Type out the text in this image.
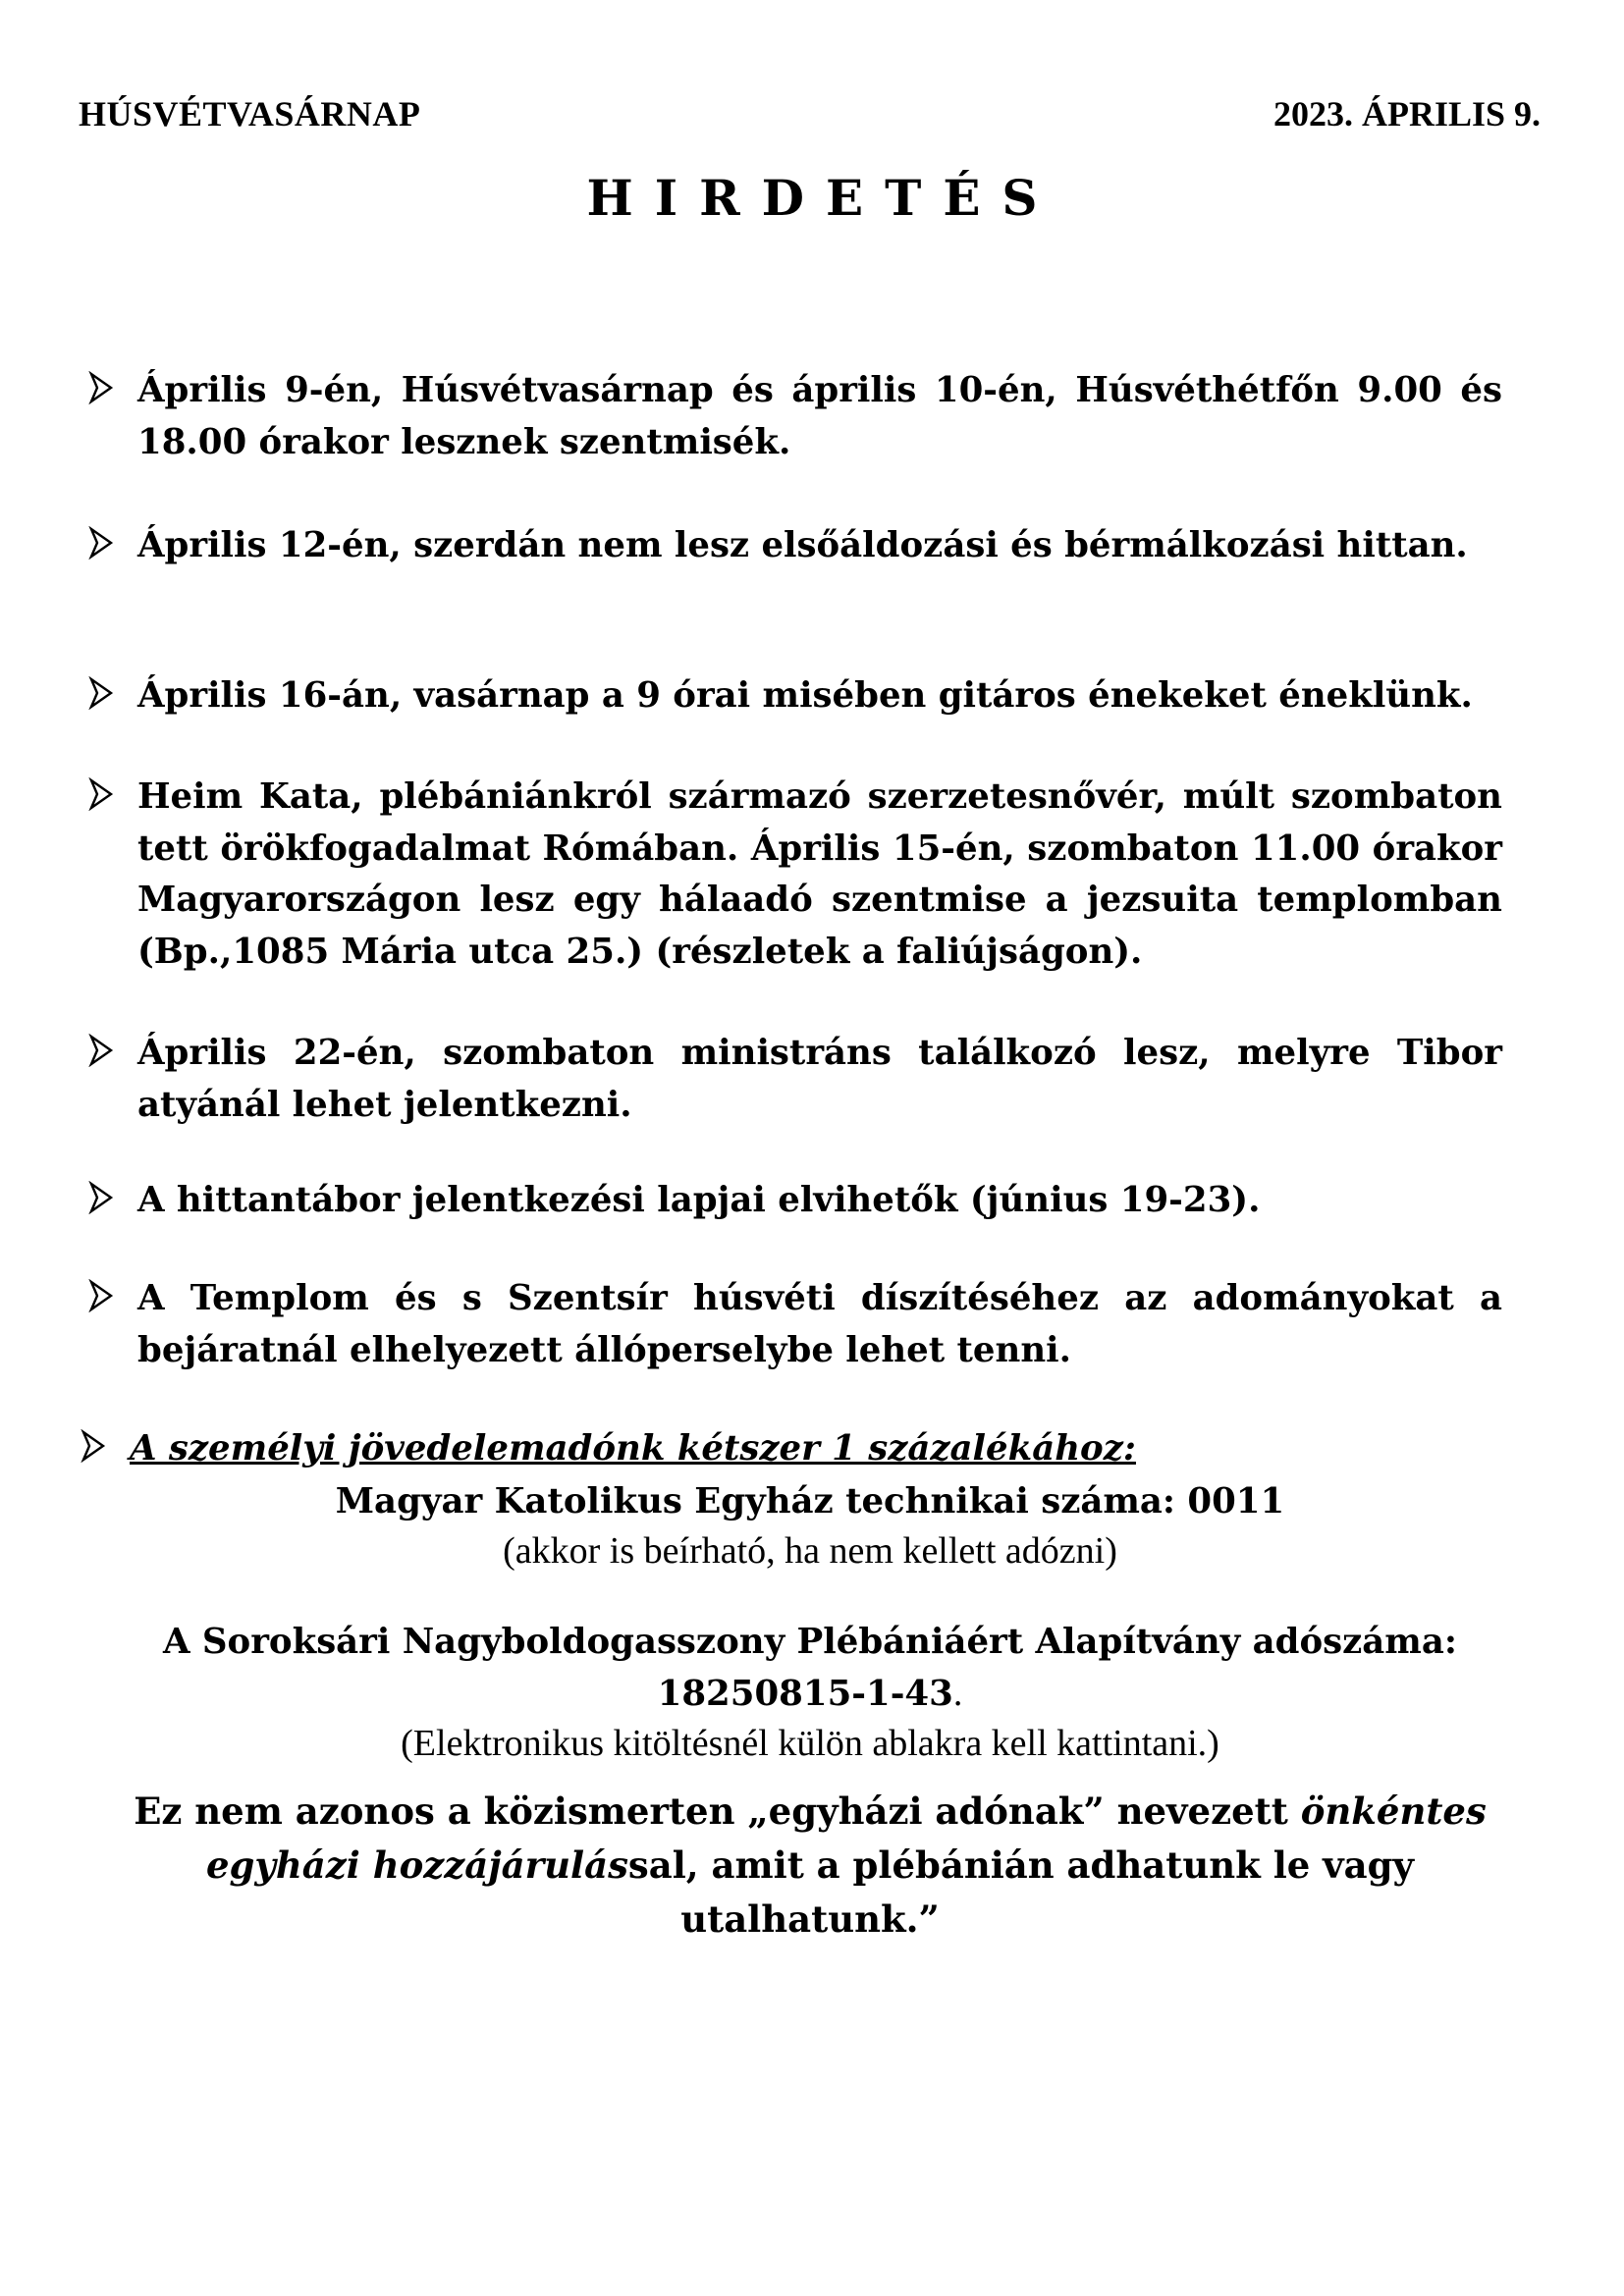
HÚSVÉTVASÁRNAP	2023. ÁPRILIS 9.
HIRDETÉS
Április 9-én, Húsvétvasárnap és április 10-én, Húsvéthétfőn 9.00 és 18.00 órakor lesznek szentmisék.
Április 12-én, szerdán nem lesz elsőáldozási és bérmálkozási hittan.
Április 16-án, vasárnap a 9 órai misében gitáros énekeket éneklünk.
Heim Kata, plébániánkról származó szerzetesnővér, múlt szombaton tett örökfogadalmat Rómában. Április 15-én, szombaton 11.00 órakor Magyarországon lesz egy hálaadó szentmise a jezsuita templomban (Bp.,1085 Mária utca 25.) (részletek a faliújságon).
Április 22-én, szombaton ministráns találkozó lesz, melyre Tibor atyánál lehet jelentkezni.
A hittantábor jelentkezési lapjai elvihetők (június 19-23).
A Templom és s Szentsír húsvéti díszítéséhez az adományokat a bejáratnál elhelyezett állóperselybe lehet tenni.
A személyi jövedelemadónk kétszer 1 százalékához:
Magyar Katolikus Egyház technikai száma: 0011
(akkor is beírható, ha nem kellett adózni)
A Soroksári Nagyboldogasszony Plébániáért Alapítvány adószáma:
18250815-1-43.
(Elektronikus kitöltésnél külön ablakra kell kattintani.)
Ez nem azonos a közismerten „egyházi adónak” nevezett önkéntes egyházi hozzájárulással, amit a plébánián adhatunk le vagy utalhatunk.”
